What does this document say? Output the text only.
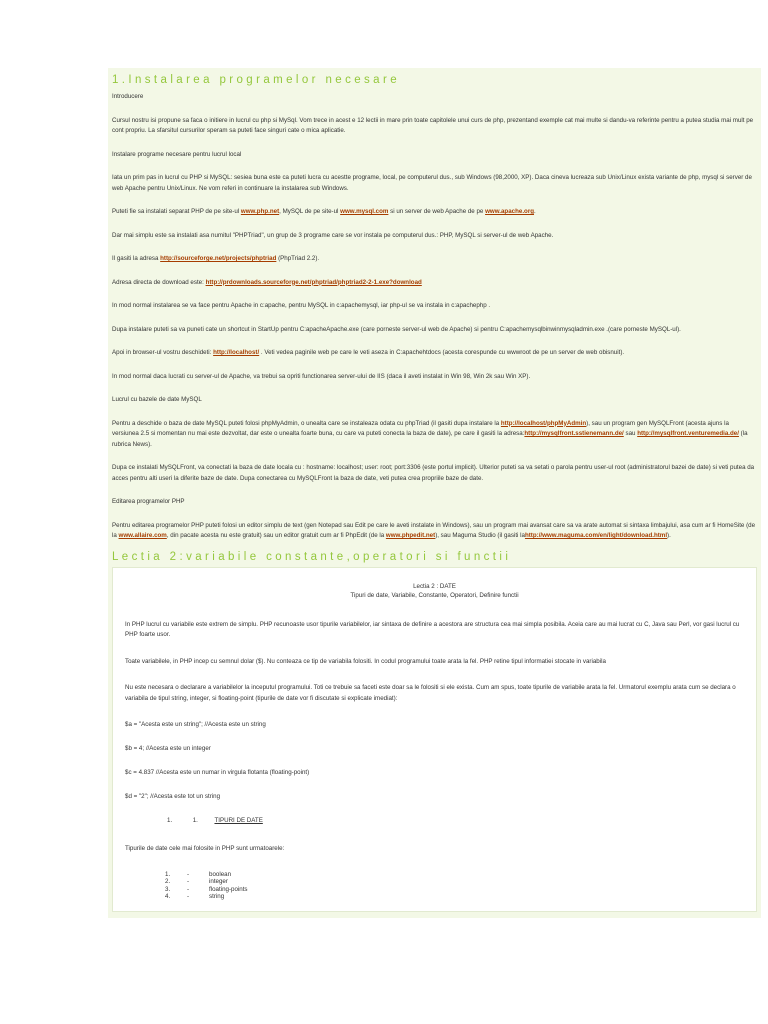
1.Instalarea programelor necesare

Introducere

Cursul nostru isi propune sa faca o initiere in lucrul cu php si MySql. Vom trece in acest e 12 lectii in mare prin toate capitolele unui curs de php, prezentand exemple cat mai multe si dandu-va referinte pentru a putea studia mai mult pe cont propriu. La sfarsitul cursurilor speram sa puteti face singuri cate o mica aplicatie.

Instalare programe necesare pentru lucrul local

Iata un prim pas in lucrul cu PHP si MySQL: sesiea buna este ca puteti lucra cu acestte programe, local, pe computerul dus., sub Windows (98,2000, XP). Daca cineva lucreaza sub Unix/Linux exista variante de php, mysql si server de web Apache pentru Unix/Linux. Ne vom referi in continuare la instalarea sub Windows.

Puteti fie sa instalati separat PHP de pe site-ul www.php.net, MySQL de pe site-ul www.mysql.com si un server de web Apache de pe www.apache.org.

Dar mai simplu este sa instalati asa numitul "PHPTriad", un grup de 3 programe care se vor instala pe computerul dus.: PHP, MySQL si server-ul de web Apache.

Il gasiti la adresa http://sourceforge.net/projects/phptriad (PhpTriad 2.2).

Adresa directa de download este: http://prdownloads.sourceforge.net/phptriad/phptriad2-2-1.exe?download

In mod normal instalarea se va face pentru Apache in c:apache, pentru MySQL in c:apachemysql, iar php-ul se va instala in c:apachephp .

Dupa instalare puteti sa va puneti cate un shortcut in StartUp pentru C:apacheApache.exe (care porneste server-ul web de Apache) si pentru C:apachemysqlbinwinmysqladmin.exe .(care porneste MySQL-ul).

Apoi in browser-ul vostru deschideti: http://localhost/ . Veti vedea paginile web pe care le veti aseza in C:apachehtdocs (acesta corespunde cu wwwroot de pe un server de web obisnuit).

In mod normal daca lucrati cu server-ul de Apache, va trebui sa opriti functionarea server-ului de IIS (daca il aveti instalat in Win 98, Win 2k sau Win XP).

Lucrul cu bazele de date MySQL

Pentru a deschide o baza de date MySQL puteti folosi phpMyAdmin, o unealta care se instaleaza odata cu phpTriad (il gasiti dupa instalare la http://localhost/phpMyAdmin), sau un program gen MySQLFront (acesta ajuns la versiunea 2.5 si momentan nu mai este dezvoltat, dar este o unealta foarte buna, cu care va puteti conecta la baza de date), pe care il gasiti la adresa:http://mysqlfront.sstienemann.de/ sau http://mysqlfront.venturemedia.de/ (la rubrica News).

Dupa ce instalati MySQLFront, va conectati la baza de date locala cu : hostname: localhost; user: root; port:3306 (este portul implicit). Ulterior puteti sa va setati o parola pentru user-ul root (administratorul bazei de date) si veti putea da acces pentru alti useri la diferite baze de date. Dupa conectarea cu MySQLFront la baza de date, veti putea crea propriile baze de date.

Editarea programelor PHP

Pentru editarea programelor PHP puteti folosi un editor simplu de text (gen Notepad sau Edit pe care le aveti instalate in Windows), sau un program mai avansat care sa va arate automat si sintaxa limbajului, asa cum ar fi HomeSite (de la www.allaire.com, din pacate acesta nu este gratuit) sau un editor gratuit cum ar fi PhpEdit (de la www.phpedit.net), sau Maguma Studio (il gasiti lahttp://www.maguma.com/en/light/download.html).

Lectia 2:variabile constante,operatori si functii
Lectia 2 : DATE
Tipuri de date, Variabile, Constante, Operatori, Definire functii

In PHP lucrul cu variabile este extrem de simplu. PHP recunoaste usor tipurile variabilelor, iar sintaxa de definire a acestora are structura cea mai simpla posibila. Aceia care au mai lucrat cu C, Java sau Perl, vor gasi lucrul cu PHP foarte usor.

Toate variabilele, in PHP incep cu semnul dolar ($). Nu conteaza ce tip de variabila folositi. In codul programului toate arata la fel. PHP retine tipul informatiei stocate in variabila

Nu este necesara o declarare a variabilelor la inceputul programului. Toti ce trebuie sa faceti este doar sa le folositi si ele exista. Cum am spus, toate tipurile de variabile arata la fel. Urmatorul exemplu arata cum se declara o variabila de tipul string, integer, si floating-point (tipurile de date vor fi discutate si explicate imediat):

$a = "Acesta este un string"; //Acesta este un string

$b = 4; //Acesta este un integer

$c = 4.837 //Acesta este un numar in virgula flotanta (floating-point)

$d = "2"; //Acesta este tot un string

1.	1.	TIPURI DE DATE

Tipurile de date cele mai folosite in PHP sunt urmatoarele:

1.	-	boolean
2.	-	integer
3.	-	floating-points
4.	-	string
